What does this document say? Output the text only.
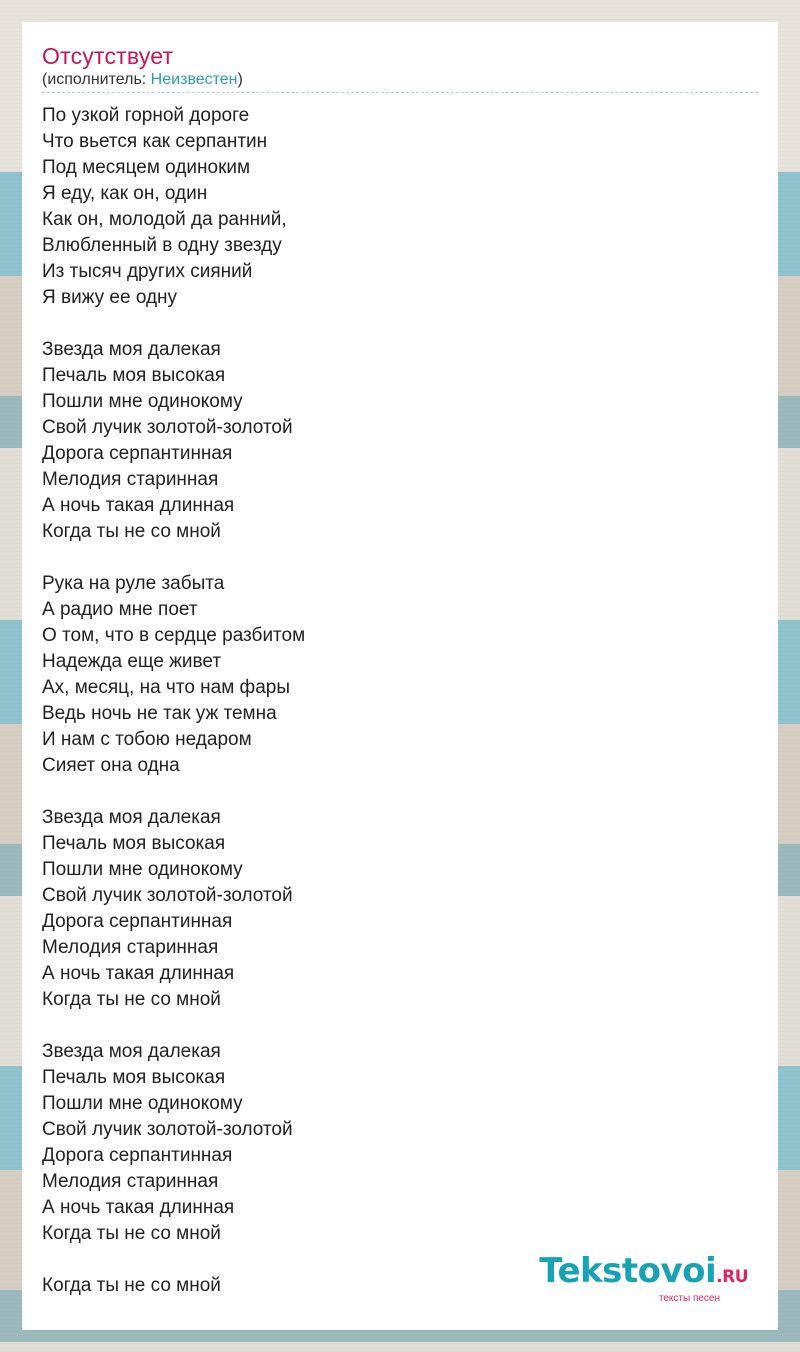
Отсутствует
(исполнитель: Неизвестен)
По узкой горной дороге
Что вьется как серпантин
Под месяцем одиноким
Я еду, как он, один
Как он, молодой да ранний,
Влюбленный в одну звезду
Из тысяч других сияний
Я вижу ее одну
Звезда моя далекая
Печаль моя высокая
Пошли мне одинокому
Свой лучик золотой-золотой
Дорога серпантинная
Мелодия старинная
А ночь такая длинная
Когда ты не со мной
Рука на руле забыта
А радио мне поет
О том, что в сердце разбитом
Надежда еще живет
Ах, месяц, на что нам фары
Ведь ночь не так уж темна
И нам с тобою недаром
Сияет она одна
Звезда моя далекая
Печаль моя высокая
Пошли мне одинокому
Свой лучик золотой-золотой
Дорога серпантинная
Мелодия старинная
А ночь такая длинная
Когда ты не со мной
Звезда моя далекая
Печаль моя высокая
Пошли мне одинокому
Свой лучик золотой-золотой
Дорога серпантинная
Мелодия старинная
А ночь такая длинная
Когда ты не со мной
Когда ты не со мной	Tekstovoi.RU
тексты песен
